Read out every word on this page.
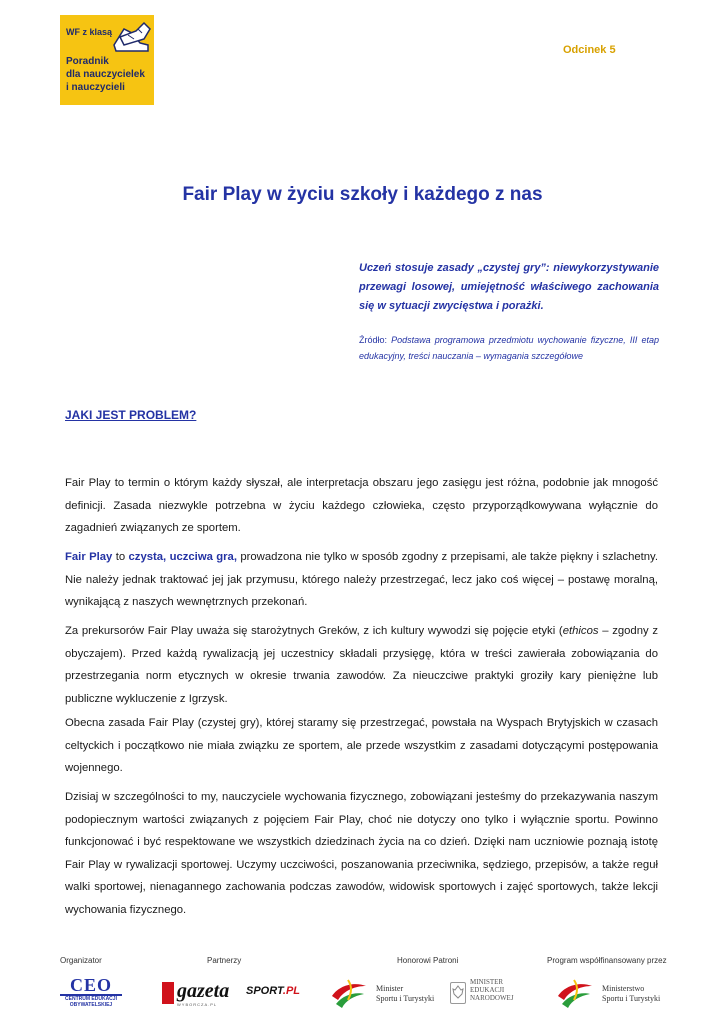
WF z klasą
Poradnik
dla nauczycielek
i nauczycieli
Odcinek 5
Fair Play w życiu szkoły i każdego z nas
Uczeń stosuje zasady „czystej gry”: niewykorzystywanie przewagi losowej, umiejętność właściwego zachowania się w sytuacji zwycięstwa i porażki.
Źródło: Podstawa programowa przedmiotu wychowanie fizyczne, III etap edukacyjny, treści nauczania – wymagania szczegółowe
JAKI JEST PROBLEM?
Fair Play to termin o którym każdy słyszał, ale interpretacja obszaru jego zasięgu jest różna, podobnie jak mnogość definicji. Zasada niezwykle potrzebna w życiu każdego człowieka, często przyporządkowywana wyłącznie do zagadnień związanych ze sportem.
Fair Play to czysta, uczciwa gra, prowadzona nie tylko w sposób zgodny z przepisami, ale także piękny i szlachetny. Nie należy jednak traktować jej jak przymusu, którego należy przestrzegać, lecz jako coś więcej – postawę moralną, wynikającą z naszych wewnętrznych przekonań.
Za prekursorów Fair Play uważa się starożytnych Greków, z ich kultury wywodzi się pojęcie etyki (ethicos – zgodny z obyczajem). Przed każdą rywalizacją jej uczestnicy składali przysięgę, która w treści zawierała zobowiązania do przestrzegania norm etycznych w okresie trwania zawodów. Za nieuczciwe praktyki groziły kary pieniężne lub publiczne wykluczenie z Igrzysk.
Obecna zasada Fair Play (czystej gry), której staramy się przestrzegać, powstała na Wyspach Brytyjskich w czasach celtyckich i początkowo nie miała związku ze sportem, ale przede wszystkim z zasadami dotyczącymi postępowania wojennego.
Dzisiaj w szczególności to my, nauczyciele wychowania fizycznego, zobowiązani jesteśmy do przekazywania naszym podopiecznym wartości związanych z pojęciem Fair Play, choć nie dotyczy ono tylko i wyłącznie sportu. Powinno funkcjonować i być respektowane we wszystkich dziedzinach życia na co dzień. Dzięki nam uczniowie poznają istotę Fair Play w rywalizacji sportowej. Uczymy uczciwości, poszanowania przeciwnika, sędziego, przepisów, a także reguł walki sportowej, nienagannego zachowania podczas zawodów, widowisk sportowych i zajęć sportowych, także lekcji wychowania fizycznego.
Organizator	Partnerzy	Honorowi Patroni	Program współfinansowany przez
CEO
CENTRUM EDUKACJI OBYWATELSKIEJ
gazeta
WYBORCZA.PL
SPORT.PL	Minister
Sportu i Turystyki
MINISTER
EDUKACJI
NARODOWEJ
Ministerstwo
Sportu i Turystyki
